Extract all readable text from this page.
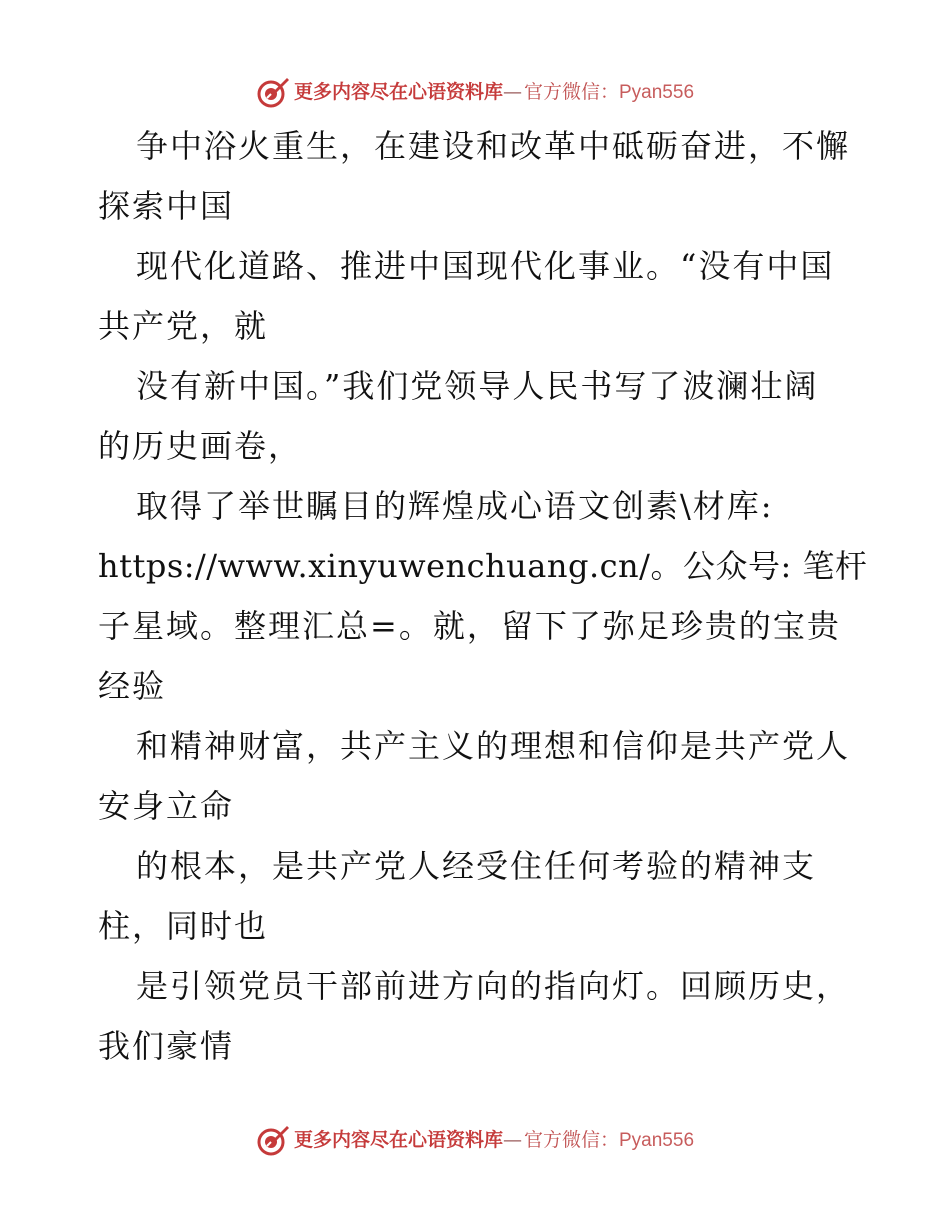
更多内容尽在心语资料库 — 官方微信： Pyan556
争中浴火重生，在建设和改革中砥砺奋进，不懈
探索中国
现代化道路、推进中国现代化事业。“没有中国
共产党，就
没有新中国。”我们党领导人民书写了波澜壮阔
的历史画卷，
取得了举世瞩目的辉煌成心语文创素\材库:
https://www.xinyuwenchuang.cn/。公众号: 笔杆
子星域。整理汇总=。就，留下了弥足珍贵的宝贵
经验
和精神财富，共产主义的理想和信仰是共产党人
安身立命
的根本，是共产党人经受住任何考验的精神支
柱，同时也
是引领党员干部前进方向的指向灯。回顾历史，
我们豪情
更多内容尽在心语资料库 — 官方微信： Pyan556
